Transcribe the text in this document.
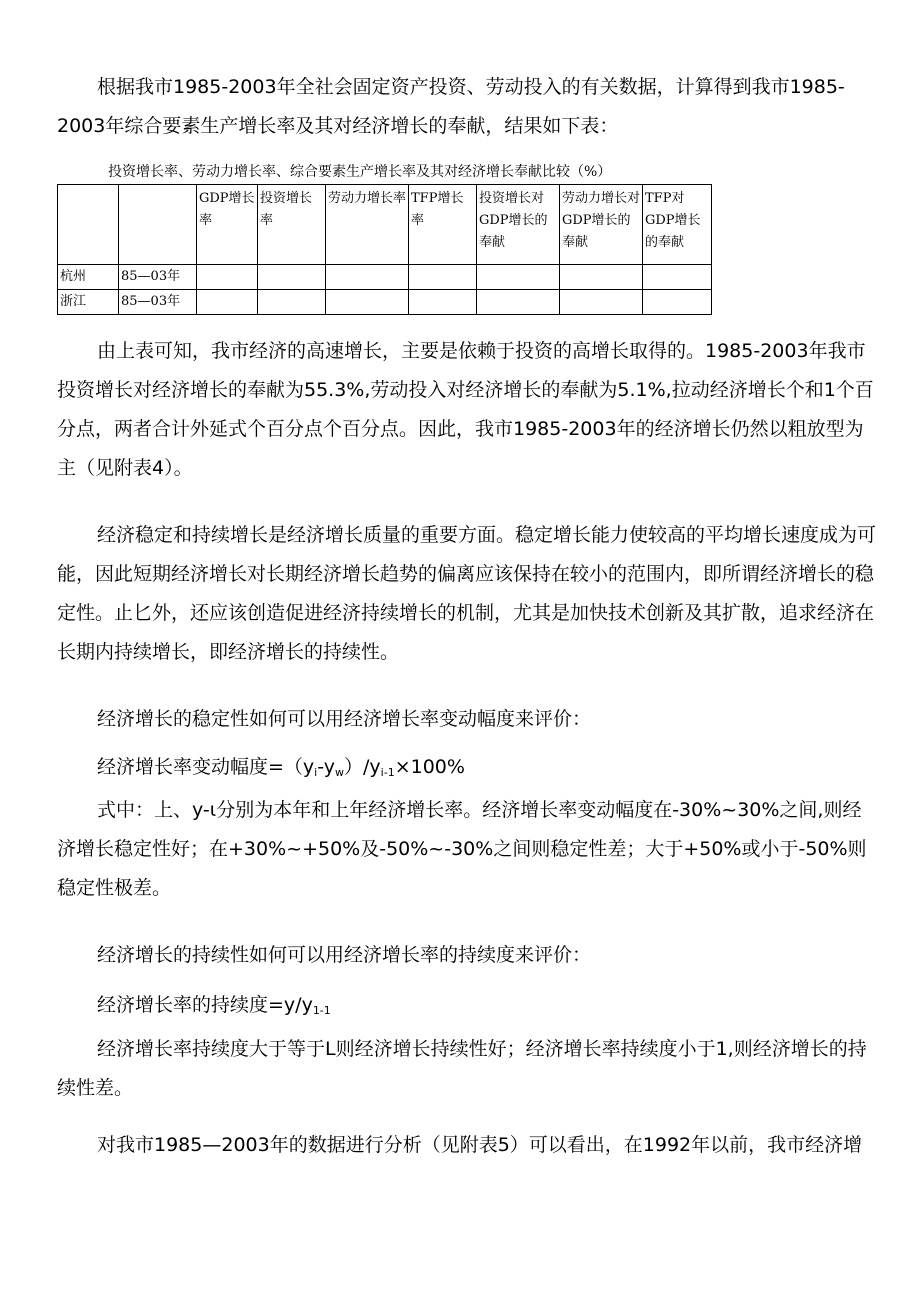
根据我市1985-2003年全社会固定资产投资、劳动投入的有关数据，计算得到我市1985-2003年综合要素生产增长率及其对经济增长的奉献，结果如下表：

投资增长率、劳动力增长率、综合要素生产增长率及其对经济增长奉献比较（%）
		GDP增长率	投资增长率	劳动力增长率	TFP增长率	投资增长对GDP增长的奉献	劳动力增长对GDP增长的奉献	TFP对GDP增长的奉献
杭州	85—03年							
浙江	85—03年							

由上表可知，我市经济的高速增长，主要是依赖于投资的高增长取得的。1985-2003年我市投资增长对经济增长的奉献为55.3%,劳动投入对经济增长的奉献为5.1%,拉动经济增长个和1个百分点，两者合计外延式个百分点个百分点。因此，我市1985-2003年的经济增长仍然以粗放型为主（见附表4）。

经济稳定和持续增长是经济增长质量的重要方面。稳定增长能力使较高的平均增长速度成为可能，因此短期经济增长对长期经济增长趋势的偏离应该保持在较小的范围内，即所谓经济增长的稳定性。止匕外，还应该创造促进经济持续增长的机制，尤其是加快技术创新及其扩散，追求经济在长期内持续增长，即经济增长的持续性。

经济增长的稳定性如何可以用经济增长率变动幅度来评价：

经济增长率变动幅度$=(y_i-y_w)/y_{i-1}\times 100\%$

式中：上、y-ι分别为本年和上年经济增长率。经济增长率变动幅度在-30%~30%之间,则经济增长稳定性好；在+30%~+50%及-50%~-30%之间则稳定性差；大于+50%或小于-50%则稳定性极差。

经济增长的持续性如何可以用经济增长率的持续度来评价：

经济增长率的持续度$=y/y_{1-1}$

经济增长率持续度大于等于L则经济增长持续性好；经济增长率持续度小于1,则经济增长的持续性差。

对我市1985—2003年的数据进行分析（见附表5）可以看出，在1992年以前，我市经济增
